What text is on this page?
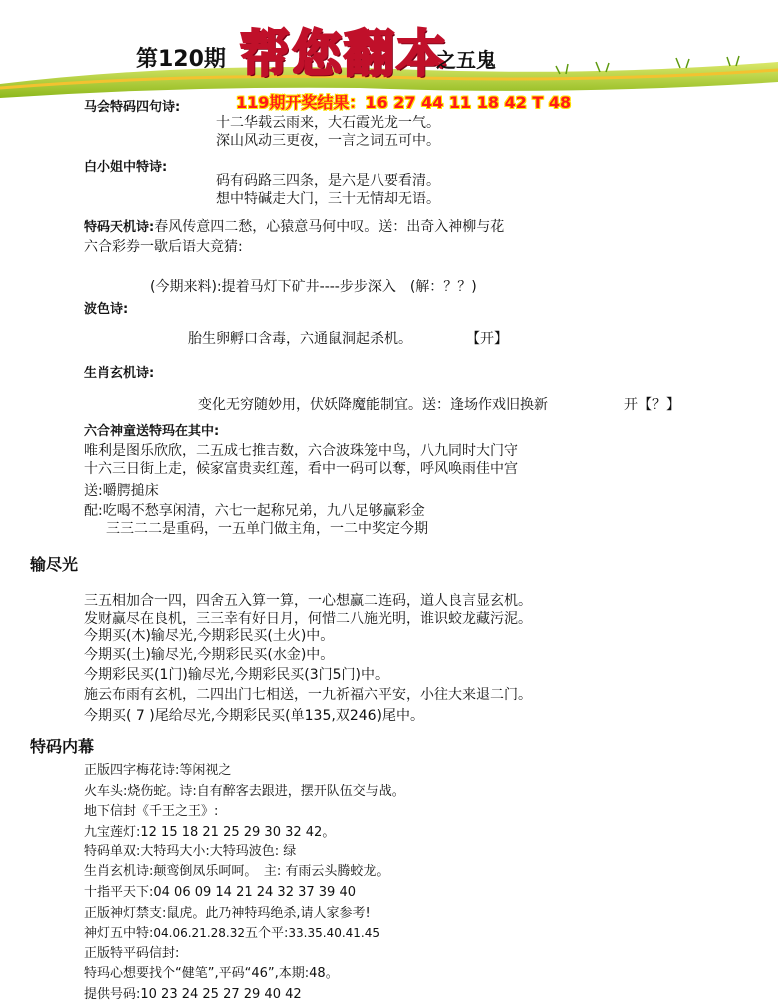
第120期 帮您翻本
之五鬼
119期开奖结果：16 27 44 11 18 42 T 48
马会特码四句诗:
十二华载云雨来，大石霞光龙一气。
深山风动三更夜，一言之词五可中。
白小姐中特诗:
码有码路三四条，是六是八要看清。
想中特碱走大门，三十无情却无语。
特码天机诗:春风传意四二愁，心猿意马何中叹。送：出奇入神柳与花
六合彩券一歇后语大竞猜:
(今期来料):提着马灯下矿井----步步深入　(解：？？)
波色诗:
胎生卵孵口含毒，六通鼠洞起杀机。	【开】
生肖玄机诗:
变化无穷随妙用，伏妖降魔能制宜。送：逢场作戏旧换新	开【？】
六合神童送特玛在其中:
唯利是图乐欣欣，二五成七推吉数，六合波珠笼中鸟，八九同时大门守
十六三日街上走，候家富贵卖红莲，看中一码可以奪，呼风唤雨佳中宫
送:嚼腭搥床
配:吃喝不愁享闲清，六七一起称兄弟，九八足够赢彩金
三三二二是重码，一五单门做主角，一二中奖定今期
输尽光
三五相加合一四，四舍五入算一算，一心想赢二连码，道人良言显玄机。
发财赢尽在良机，三三幸有好日月，何惜二八施光明，谁识蛟龙藏污泥。
今期买(木)输尽光,今期彩民买(土火)中。
今期买(土)输尽光,今期彩民买(水金)中。
今期彩民买(1门)输尽光,今期彩民买(3门5门)中。
施云布雨有玄机，二四出门七相送，一九祈福六平安，小往大来退二门。
今期买( 7 )尾给尽光,今期彩民买(单135,双246)尾中。
特码内幕
正版四字梅花诗:等闲视之
火车头:烧伤蛇。诗:自有醉客去跟进，摆开队伍交与战。
地下信封《千王之王》:
九宝莲灯:12 15 18 21 25 29 30 32 42。
特码单双:大特玛大小:大特玛波色: 绿
生肖玄机诗:颠鸾倒凤乐呵呵。　主: 有雨云头腾蛟龙。
十指平天下:04 06 09 14 21 24 32 37 39 40
正版神灯禁支:鼠虎。此乃神特玛绝杀,请人家参考!
神灯五中特:04.06.21.28.32五个平:33.35.40.41.45
正版特平码信封:
特玛心想要找个“健笔”,平码“46”,本期:48。
提供号码:10 23 24 25 27 29 40 42
